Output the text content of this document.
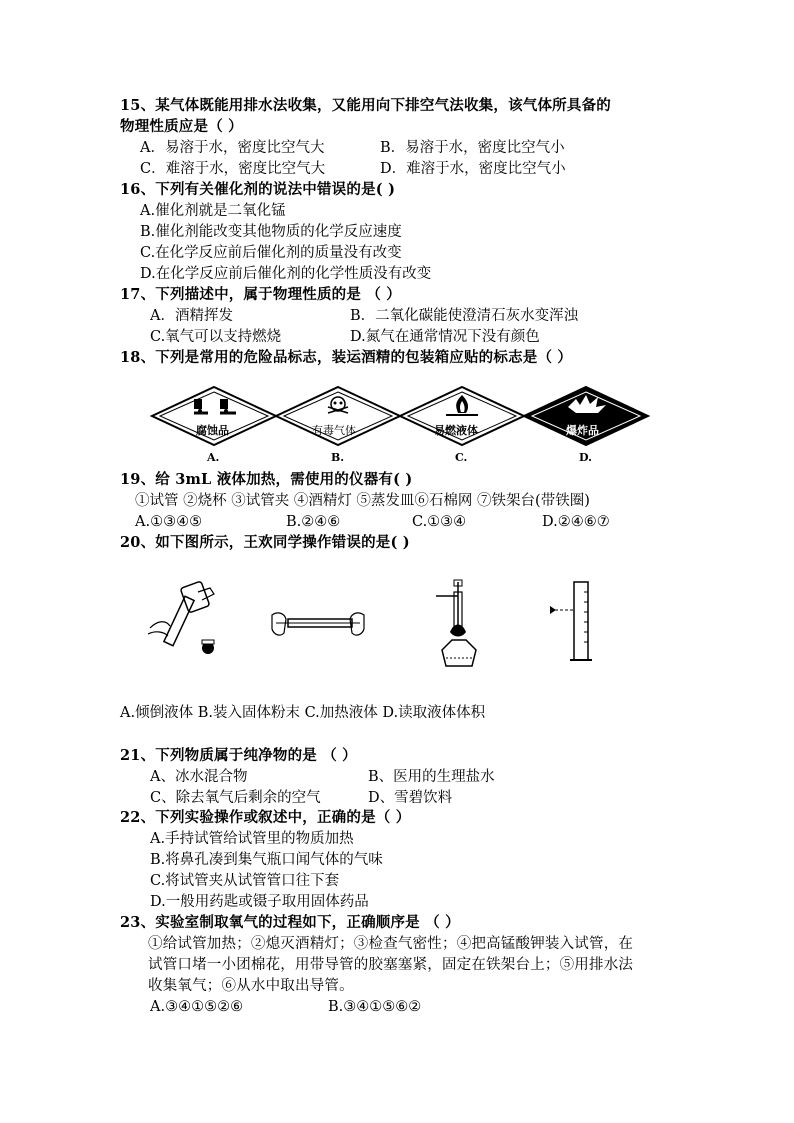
15、某气体既能用排水法收集，又能用向下排空气法收集，该气体所具备的
物理性质应是（ ）
A．易溶于水，密度比空气大	B．易溶于水，密度比空气小
C．难溶于水，密度比空气大	D．难溶于水，密度比空气小
16、下列有关催化剂的说法中错误的是( )
A.催化剂就是二氧化锰
B.催化剂能改变其他物质的化学反应速度
C.在化学反应前后催化剂的质量没有改变
D.在化学反应前后催化剂的化学性质没有改变
17、下列描述中，属于物理性质的是 （ ）
A．酒精挥发	B．二氧化碳能使澄清石灰水变浑浊
C.氧气可以支持燃烧	D.氮气在通常情况下没有颜色
18、下列是常用的危险品标志，装运酒精的包装箱应贴的标志是（ ）
腐蚀品
A.
有毒气体
B.
易燃液体
C.
爆炸品
D.
19、给 3mL 液体加热，需使用的仪器有( )
①试管 ②烧杯 ③试管夹 ④酒精灯 ⑤蒸发皿⑥石棉网 ⑦铁架台(带铁圈)
A.①③④⑤	B.②④⑥	C.①③④	D.②④⑥⑦
20、如下图所示，王欢同学操作错误的是( )
A.倾倒液体 B.装入固体粉末 C.加热液体 D.读取液体体积
21、下列物质属于纯净物的是 （ ）
A、冰水混合物	B、医用的生理盐水
C、除去氧气后剩余的空气	D、雪碧饮料
22、下列实验操作或叙述中，正确的是（ ）
A.手持试管给试管里的物质加热
B.将鼻孔凑到集气瓶口闻气体的气味
C.将试管夹从试管管口往下套
D.一般用药匙或镊子取用固体药品
23、实验室制取氧气的过程如下，正确顺序是 （ ）
①给试管加热；②熄灭酒精灯；③检查气密性；④把高锰酸钾装入试管，在
试管口堵一小团棉花，用带导管的胶塞塞紧，固定在铁架台上；⑤用排水法
收集氧气；⑥从水中取出导管。
A.③④①⑤②⑥	B.③④①⑤⑥②
